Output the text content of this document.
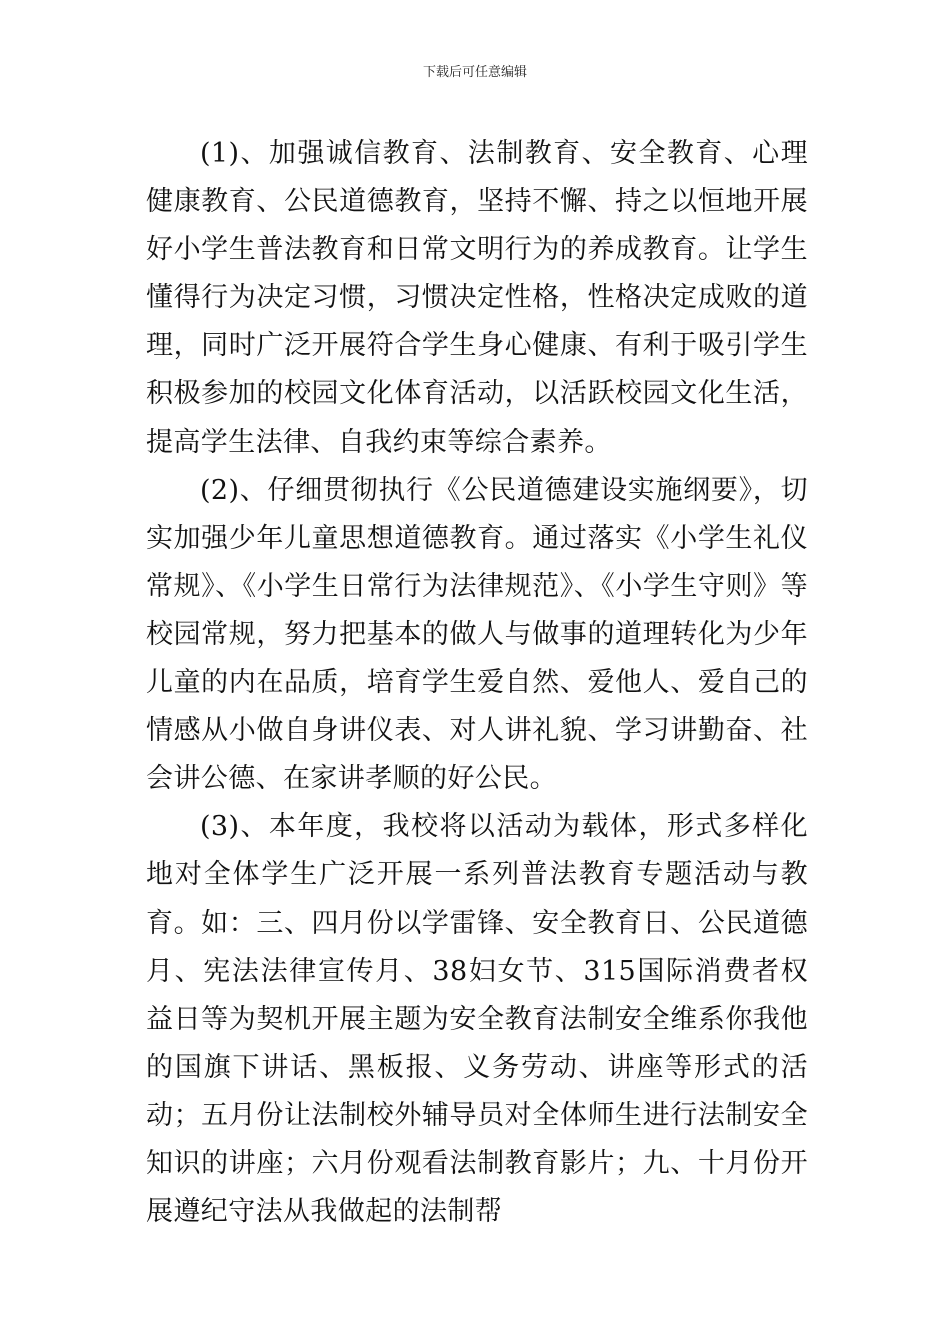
下载后可任意编辑

(1)、加强诚信教育、法制教育、安全教育、心理健康教育、公民道德教育，坚持不懈、持之以恒地开展好小学生普法教育和日常文明行为的养成教育。让学生懂得行为决定习惯，习惯决定性格，性格决定成败的道理，同时广泛开展符合学生身心健康、有利于吸引学生积极参加的校园文化体育活动，以活跃校园文化生活，提高学生法律、自我约束等综合素养。

(2)、仔细贯彻执行《公民道德建设实施纲要》，切实加强少年儿童思想道德教育。通过落实《小学生礼仪常规》、《小学生日常行为法律规范》、《小学生守则》等校园常规，努力把基本的做人与做事的道理转化为少年儿童的内在品质，培育学生爱自然、爱他人、爱自己的情感从小做自身讲仪表、对人讲礼貌、学习讲勤奋、社会讲公德、在家讲孝顺的好公民。

(3)、本年度，我校将以活动为载体，形式多样化地对全体学生广泛开展一系列普法教育专题活动与教育。如：三、四月份以学雷锋、安全教育日、公民道德月、宪法法律宣传月、38妇女节、315国际消费者权益日等为契机开展主题为安全教育法制安全维系你我他的国旗下讲话、黑板报、义务劳动、讲座等形式的活动；五月份让法制校外辅导员对全体师生进行法制安全知识的讲座；六月份观看法制教育影片；九、十月份开展遵纪守法从我做起的法制帮
